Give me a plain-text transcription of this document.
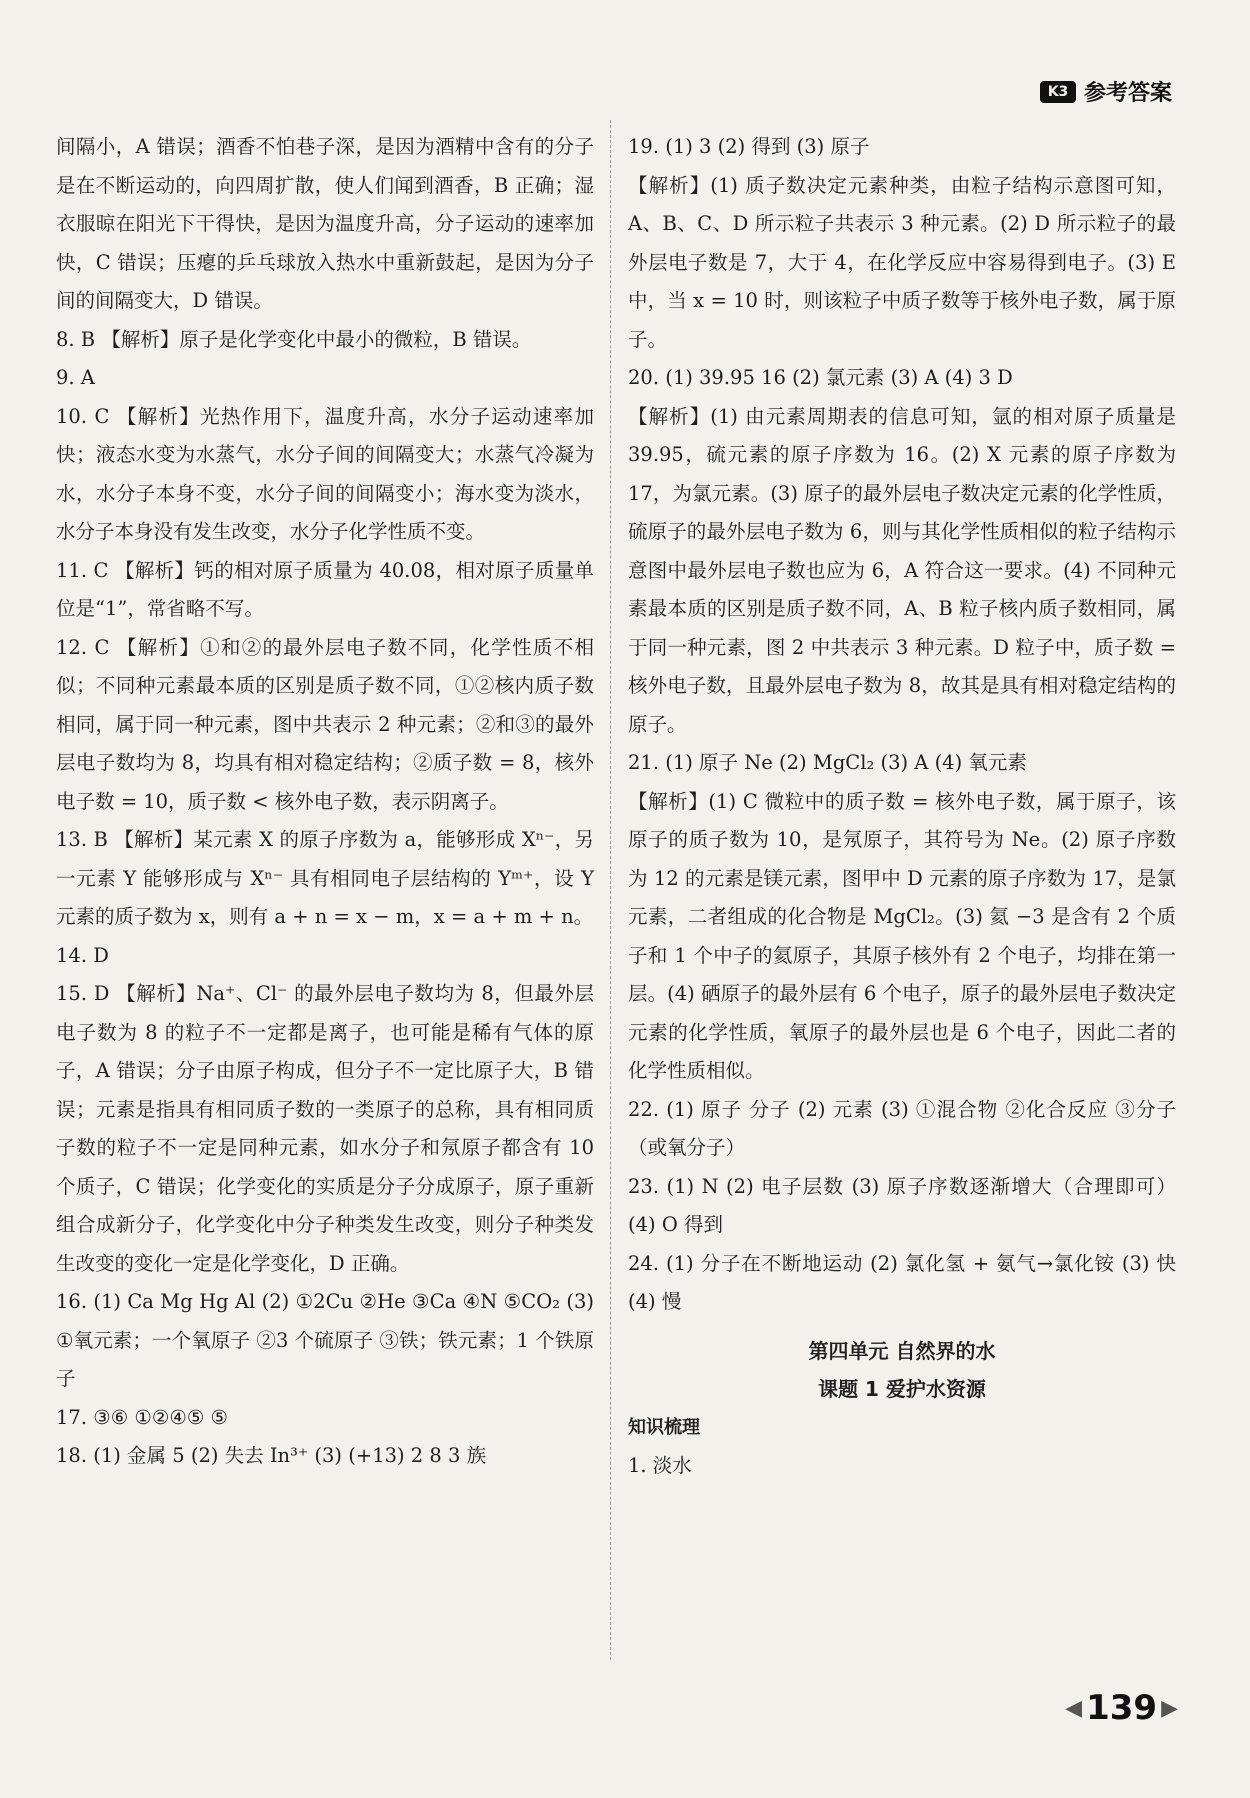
K3 参考答案

间隔小，A 错误；酒香不怕巷子深，是因为酒精中含有的分子是在不断运动的，向四周扩散，使人们闻到酒香，B 正确；湿衣服晾在阳光下干得快，是因为温度升高，分子运动的速率加快，C 错误；压瘪的乒乓球放入热水中重新鼓起，是因为分子间的间隔变大，D 错误。

8. B 【解析】原子是化学变化中最小的微粒，B 错误。

9. A

10. C 【解析】光热作用下，温度升高，水分子运动速率加快；液态水变为水蒸气，水分子间的间隔变大；水蒸气冷凝为水，水分子本身不变，水分子间的间隔变小；海水变为淡水，水分子本身没有发生改变，水分子化学性质不变。

11. C 【解析】钙的相对原子质量为 40.08，相对原子质量单位是“1”，常省略不写。

12. C 【解析】①和②的最外层电子数不同，化学性质不相似；不同种元素最本质的区别是质子数不同，①②核内质子数相同，属于同一种元素，图中共表示 2 种元素；②和③的最外层电子数均为 8，均具有相对稳定结构；②质子数 = 8，核外电子数 = 10，质子数 < 核外电子数，表示阴离子。

13. B 【解析】某元素 X 的原子序数为 a，能够形成 Xⁿ⁻，另一元素 Y 能够形成与 Xⁿ⁻ 具有相同电子层结构的 Yᵐ⁺，设 Y 元素的质子数为 x，则有 a + n = x − m，x = a + m + n。

14. D

15. D 【解析】Na⁺、Cl⁻ 的最外层电子数均为 8，但最外层电子数为 8 的粒子不一定都是离子，也可能是稀有气体的原子，A 错误；分子由原子构成，但分子不一定比原子大，B 错误；元素是指具有相同质子数的一类原子的总称，具有相同质子数的粒子不一定是同种元素，如水分子和氖原子都含有 10 个质子，C 错误；化学变化的实质是分子分成原子，原子重新组合成新分子，化学变化中分子种类发生改变，则分子种类发生改变的变化一定是化学变化，D 正确。

16. (1) Ca Mg Hg Al (2) ①2Cu ②He ③Ca ④N ⑤CO₂ (3) ①氧元素；一个氧原子 ②3 个硫原子 ③铁；铁元素；1 个铁原子

17. ③⑥ ①②④⑤ ⑤

18. (1) 金属 5 (2) 失去 In³⁺ (3) (+13) 2 8 3 族

19. (1) 3 (2) 得到 (3) 原子

【解析】(1) 质子数决定元素种类，由粒子结构示意图可知，A、B、C、D 所示粒子共表示 3 种元素。(2) D 所示粒子的最外层电子数是 7，大于 4，在化学反应中容易得到电子。(3) E 中，当 x = 10 时，则该粒子中质子数等于核外电子数，属于原子。

20. (1) 39.95 16 (2) 氯元素 (3) A (4) 3 D

【解析】(1) 由元素周期表的信息可知，氩的相对原子质量是 39.95，硫元素的原子序数为 16。(2) X 元素的原子序数为 17，为氯元素。(3) 原子的最外层电子数决定元素的化学性质，硫原子的最外层电子数为 6，则与其化学性质相似的粒子结构示意图中最外层电子数也应为 6，A 符合这一要求。(4) 不同种元素最本质的区别是质子数不同，A、B 粒子核内质子数相同，属于同一种元素，图 2 中共表示 3 种元素。D 粒子中，质子数 = 核外电子数，且最外层电子数为 8，故其是具有相对稳定结构的原子。

21. (1) 原子 Ne (2) MgCl₂ (3) A (4) 氧元素

【解析】(1) C 微粒中的质子数 = 核外电子数，属于原子，该原子的质子数为 10，是氖原子，其符号为 Ne。(2) 原子序数为 12 的元素是镁元素，图甲中 D 元素的原子序数为 17，是氯元素，二者组成的化合物是 MgCl₂。(3) 氦 −3 是含有 2 个质子和 1 个中子的氦原子，其原子核外有 2 个电子，均排在第一层。(4) 硒原子的最外层有 6 个电子，原子的最外层电子数决定元素的化学性质，氧原子的最外层也是 6 个电子，因此二者的化学性质相似。

22. (1) 原子 分子 (2) 元素 (3) ①混合物 ②化合反应 ③分子（或氧分子）

23. (1) N (2) 电子层数 (3) 原子序数逐渐增大（合理即可） (4) O 得到

24. (1) 分子在不断地运动 (2) 氯化氢 + 氨气→氯化铵 (3) 快 (4) 慢

第四单元 自然界的水

课题 1 爱护水资源

知识梳理

1. 淡水

◀ 139 ▶
